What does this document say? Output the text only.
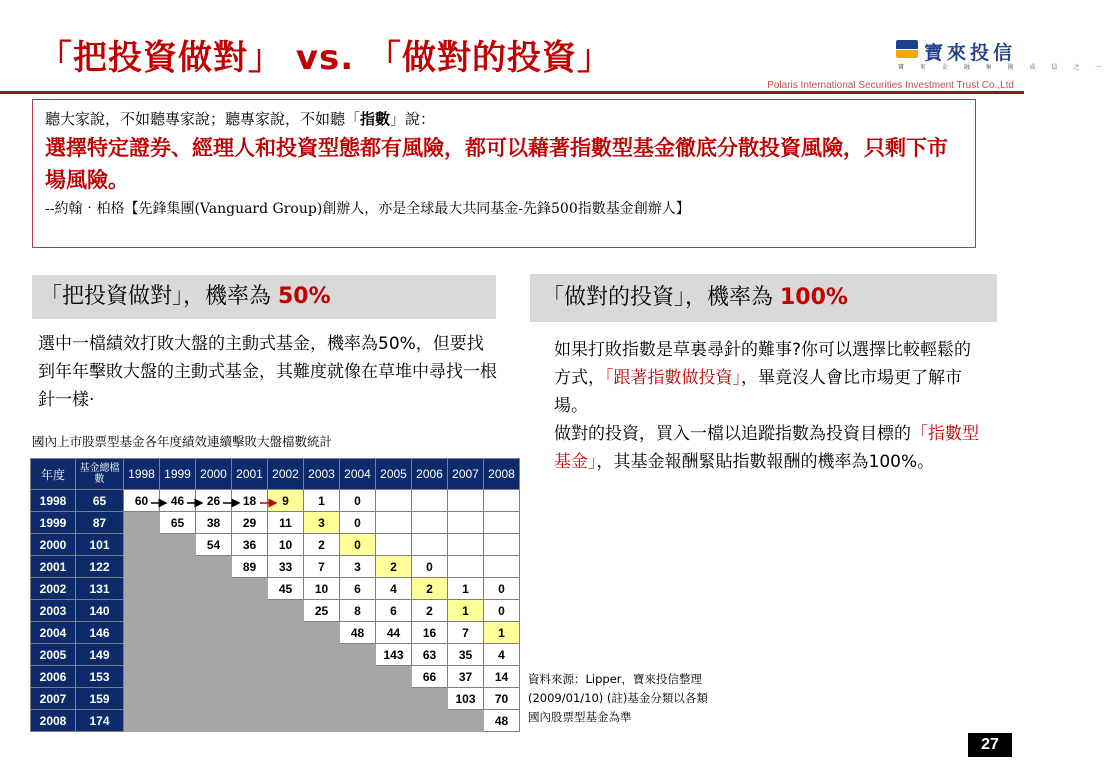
「把投資做對」 vs. 「做對的投資」	寶來投信
寶 來 金 融 集 團 成 員 之 一
Polaris International Securities Investment Trust Co.,Ltd
聽大家說，不如聽專家說；聽專家說，不如聽「指數」說：
選擇特定證券、經理人和投資型態都有風險，都可以藉著指數型基金徹底分散投資風險，只剩下市場風險。
--約翰‧柏格【先鋒集團(Vanguard Group)創辦人，亦是全球最大共同基金-先鋒500指數基金創辦人】
「把投資做對」，機率為 50%	「做對的投資」，機率為 100%
選中一檔績效打敗大盤的主動式基金，機率為50%，但要找到年年擊敗大盤的主動式基金，其難度就像在草堆中尋找一根針一樣‧
如果打敗指數是草裏尋針的難事?你可以選擇比較輕鬆的方式，「跟著指數做投資」，畢竟沒人會比市場更了解市場。
做對的投資，買入一檔以追蹤指數為投資目標的「指數型基金」，其基金報酬緊貼指數報酬的機率為100%。
國內上市股票型基金各年度績效連續擊敗大盤檔數統計
年度	基金總檔數	1998	1999	2000	2001	2002	2003	2004	2005	2006	2007	2008
1998	65	60	46	26	18	9	1	0				
1999	87		65	38	29	11	3	0				
2000	101			54	36	10	2	0				
2001	122				89	33	7	3	2	0		
2002	131					45	10	6	4	2	1	0
2003	140						25	8	6	2	1	0
2004	146							48	44	16	7	1
2005	149								143	63	35	4
2006	153									66	37	14
2007	159										103	70
2008	174											48
資料來源：Lipper，寶來投信整理
(2009/01/10) (註)基金分類以各類
國內股票型基金為準
27
